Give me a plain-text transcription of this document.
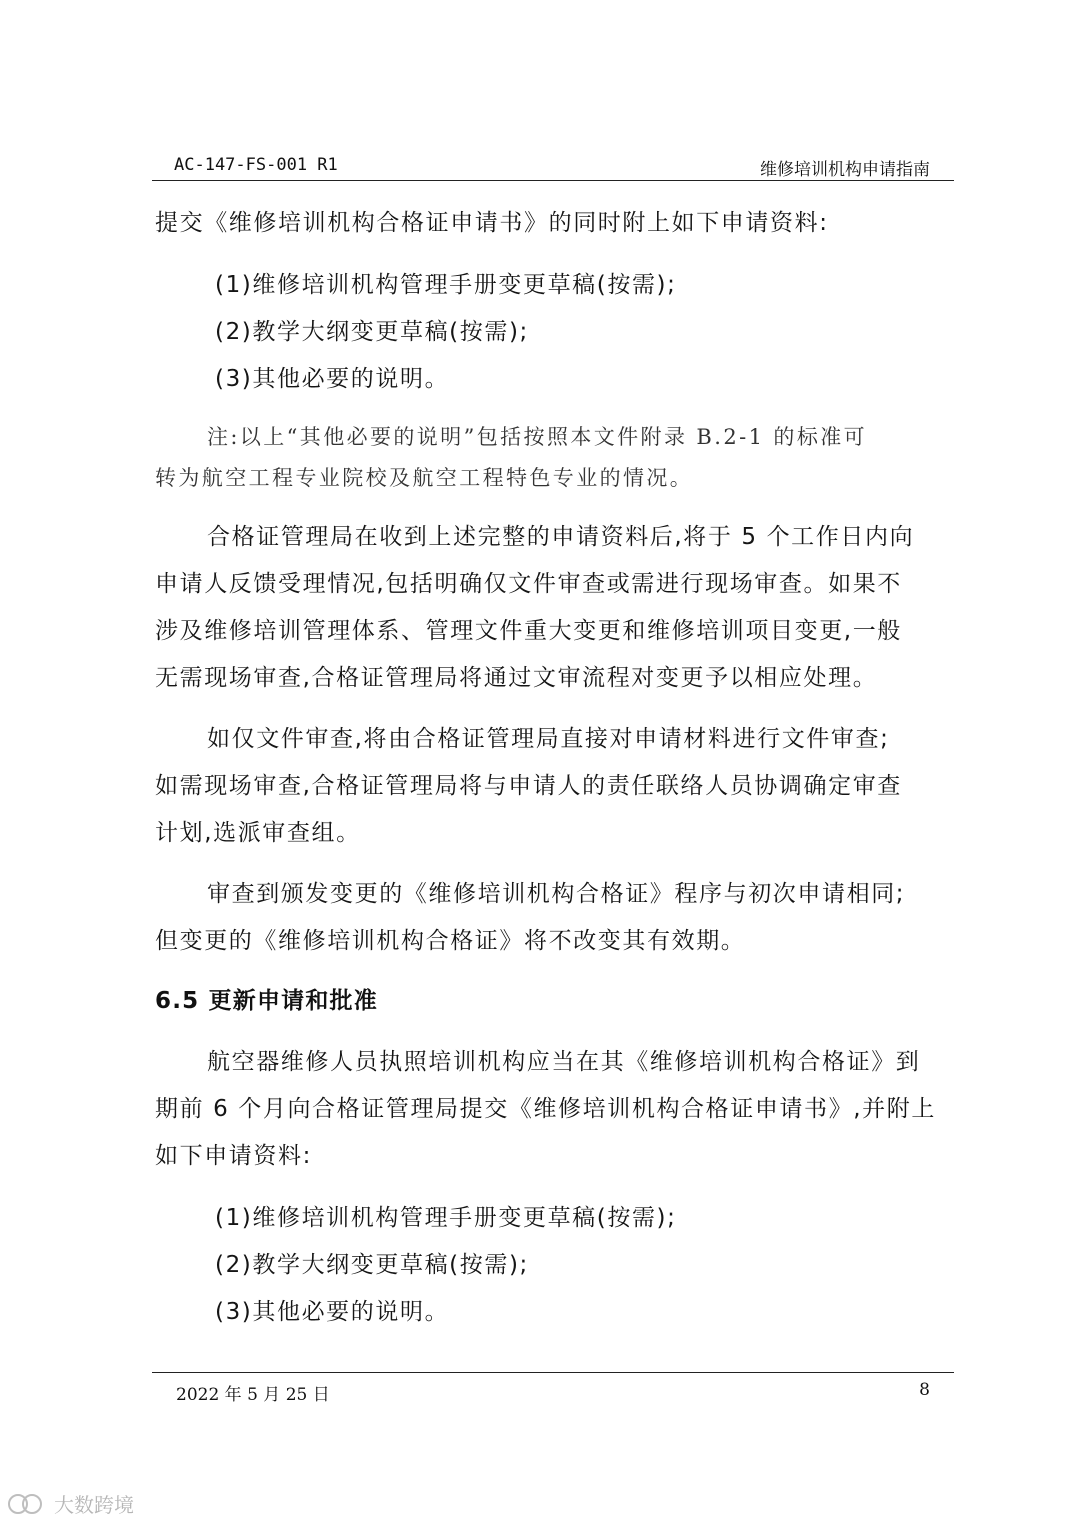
AC-147-FS-001 R1	维修培训机构申请指南
提交《维修培训机构合格证申请书》的同时附上如下申请资料:
(1)维修培训机构管理手册变更草稿(按需);
(2)教学大纲变更草稿(按需);
(3)其他必要的说明。
注:以上“其他必要的说明”包括按照本文件附录 B.2-1 的标准可
转为航空工程专业院校及航空工程特色专业的情况。
合格证管理局在收到上述完整的申请资料后,将于 5 个工作日内向
申请人反馈受理情况,包括明确仅文件审查或需进行现场审查。如果不
涉及维修培训管理体系、管理文件重大变更和维修培训项目变更,一般
无需现场审查,合格证管理局将通过文审流程对变更予以相应处理。
如仅文件审查,将由合格证管理局直接对申请材料进行文件审查;
如需现场审查,合格证管理局将与申请人的责任联络人员协调确定审查
计划,选派审查组。
审查到颁发变更的《维修培训机构合格证》程序与初次申请相同;
但变更的《维修培训机构合格证》将不改变其有效期。
6.5 更新申请和批准
航空器维修人员执照培训机构应当在其《维修培训机构合格证》到
期前 6 个月向合格证管理局提交《维修培训机构合格证申请书》,并附上
如下申请资料:
(1)维修培训机构管理手册变更草稿(按需);
(2)教学大纲变更草稿(按需);
(3)其他必要的说明。
2022 年 5 月 25 日	8
大数跨境
